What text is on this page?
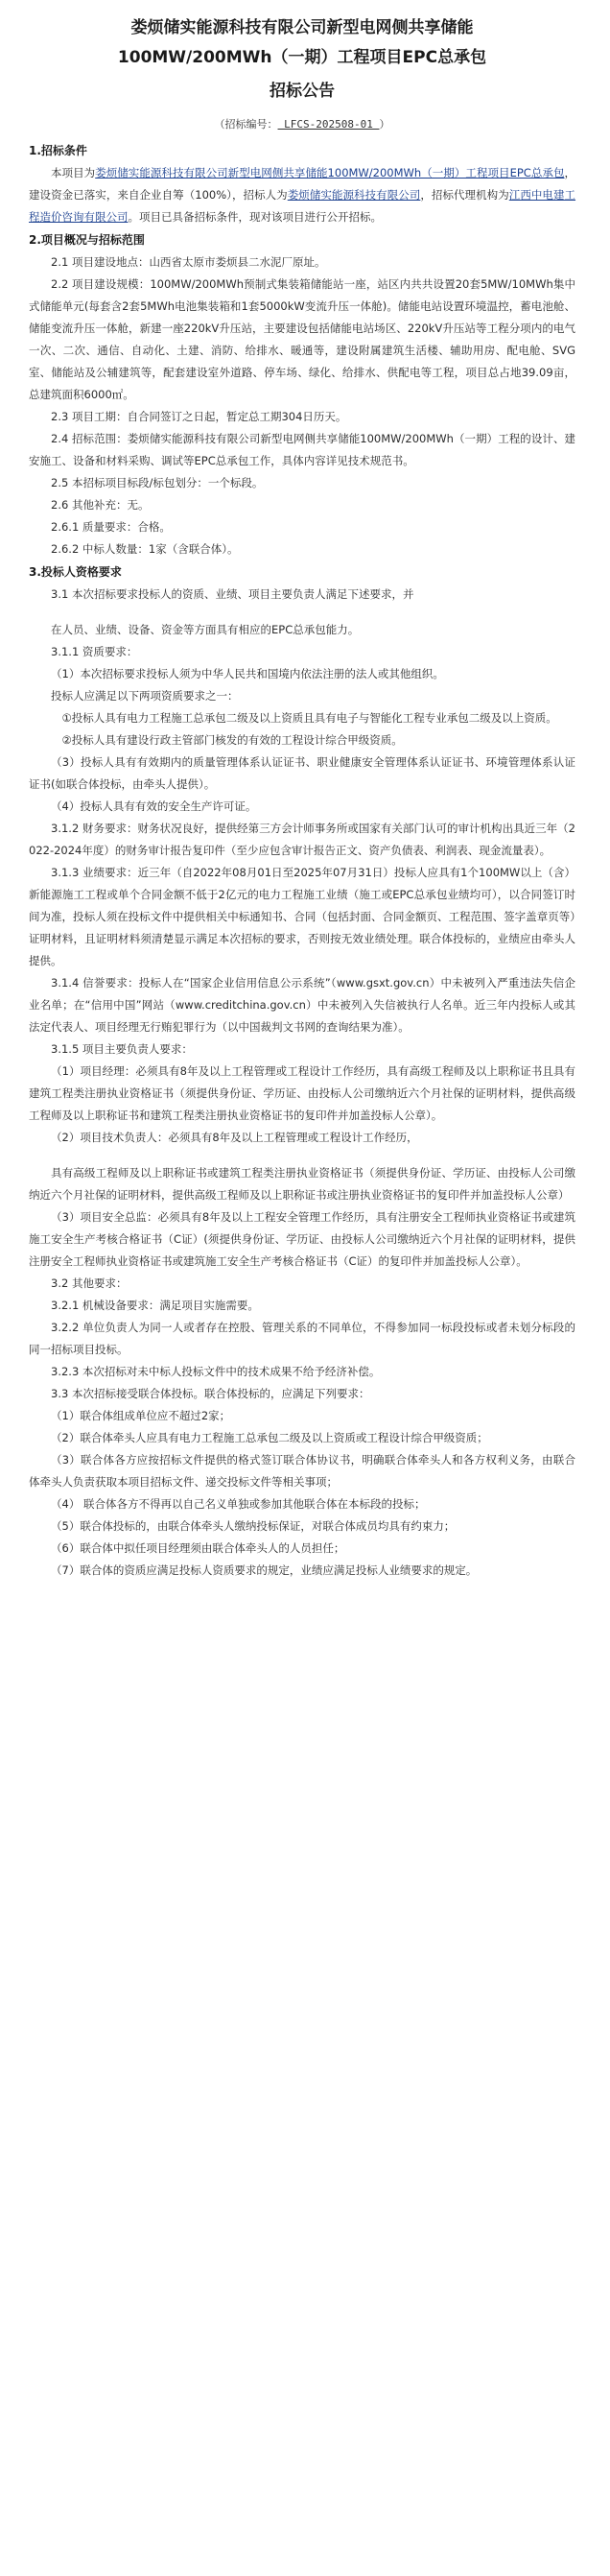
娄烦储实能源科技有限公司新型电网侧共享储能
100MW/200MWh（一期）工程项目EPC总承包
招标公告
（招标编号： LFCS-202508-01 ）
1.招标条件

本项目为娄烦储实能源科技有限公司新型电网侧共享储能100MW/200MWh（一期）工程项目EPC总承包，建设资金已落实，来自企业自筹（100%），招标人为娄烦储实能源科技有限公司，招标代理机构为江西中电建工程造价咨询有限公司。项目已具备招标条件，现对该项目进行公开招标。

2.项目概况与招标范围

2.1 项目建设地点：山西省太原市娄烦县二水泥厂原址。

2.2 项目建设规模：100MW/200MWh预制式集装箱储能站一座，站区内共共设置20套5MW/10MWh集中式储能单元(每套含2套5MWh电池集装箱和1套5000kW变流升压一体舱)。储能电站设置环境温控，蓄电池舱、储能变流升压一体舱，新建一座220kV升压站，主要建设包括储能电站场区、220kV升压站等工程分项内的电气一次、二次、通信、自动化、土建、消防、给排水、暖通等，建设附属建筑生活楼、辅助用房、配电舱、SVG室、储能站及公辅建筑等，配套建设室外道路、停车场、绿化、给排水、供配电等工程，项目总占地39.09亩，总建筑面积6000㎡。

2.3 项目工期：自合同签订之日起，暂定总工期304日历天。

2.4 招标范围：娄烦储实能源科技有限公司新型电网侧共享储能100MW/200MWh（一期）工程的设计、建安施工、设备和材料采购、调试等EPC总承包工作，具体内容详见技术规范书。

2.5 本招标项目标段/标包划分：一个标段。

2.6 其他补充：无。

2.6.1 质量要求：合格。

2.6.2 中标人数量：1家（含联合体）。

3.投标人资格要求

3.1 本次招标要求投标人的资质、业绩、项目主要负责人满足下述要求，并

在人员、业绩、设备、资金等方面具有相应的EPC总承包能力。

3.1.1 资质要求：

（1）本次招标要求投标人须为中华人民共和国境内依法注册的法人或其他组织。

投标人应满足以下两项资质要求之一：

①投标人具有电力工程施工总承包二级及以上资质且具有电子与智能化工程专业承包二级及以上资质。

②投标人具有建设行政主管部门核发的有效的工程设计综合甲级资质。

（3）投标人具有有效期内的质量管理体系认证证书、职业健康安全管理体系认证证书、环境管理体系认证证书(如联合体投标，由牵头人提供）。

（4）投标人具有有效的安全生产许可证。

3.1.2 财务要求：财务状况良好，提供经第三方会计师事务所或国家有关部门认可的审计机构出具近三年（2022-2024年度）的财务审计报告复印件（至少应包含审计报告正文、资产负债表、利润表、现金流量表）。

3.1.3 业绩要求：近三年（自2022年08月01日至2025年07月31日）投标人应具有1个100MW以上（含）新能源施工工程或单个合同金额不低于2亿元的电力工程施工业绩（施工或EPC总承包业绩均可），以合同签订时间为准，投标人须在投标文件中提供相关中标通知书、合同（包括封面、合同金额页、工程范围、签字盖章页等）证明材料，且证明材料须清楚显示满足本次招标的要求，否则按无效业绩处理。联合体投标的，业绩应由牵头人提供。

3.1.4 信誉要求：投标人在“国家企业信用信息公示系统”（www.gsxt.gov.cn）中未被列入严重违法失信企业名单；在“信用中国”网站（www.creditchina.gov.cn）中未被列入失信被执行人名单。近三年内投标人或其法定代表人、项目经理无行贿犯罪行为（以中国裁判文书网的查询结果为准）。

3.1.5 项目主要负责人要求：

（1）项目经理：必须具有8年及以上工程管理或工程设计工作经历，具有高级工程师及以上职称证书且具有建筑工程类注册执业资格证书（须提供身份证、学历证、由投标人公司缴纳近六个月社保的证明材料，提供高级工程师及以上职称证书和建筑工程类注册执业资格证书的复印件并加盖投标人公章）。

（2）项目技术负责人：必须具有8年及以上工程管理或工程设计工作经历，

具有高级工程师及以上职称证书或建筑工程类注册执业资格证书（须提供身份证、学历证、由投标人公司缴纳近六个月社保的证明材料，提供高级工程师及以上职称证书或注册执业资格证书的复印件并加盖投标人公章）

（3）项目安全总监：必须具有8年及以上工程安全管理工作经历，具有注册安全工程师执业资格证书或建筑施工安全生产考核合格证书（C证）(须提供身份证、学历证、由投标人公司缴纳近六个月社保的证明材料，提供注册安全工程师执业资格证书或建筑施工安全生产考核合格证书（C证）的复印件并加盖投标人公章）。

3.2 其他要求：

3.2.1 机械设备要求：满足项目实施需要。

3.2.2 单位负责人为同一人或者存在控股、管理关系的不同单位，不得参加同一标段投标或者未划分标段的同一招标项目投标。

3.2.3 本次招标对未中标人投标文件中的技术成果不给予经济补偿。

3.3 本次招标接受联合体投标。联合体投标的，应满足下列要求：

（1）联合体组成单位应不超过2家；

（2）联合体牵头人应具有电力工程施工总承包二级及以上资质或工程设计综合甲级资质；

（3）联合体各方应按招标文件提供的格式签订联合体协议书，明确联合体牵头人和各方权利义务，由联合体牵头人负责获取本项目招标文件、递交投标文件等相关事项；

（4） 联合体各方不得再以自己名义单独或参加其他联合体在本标段的投标；

（5）联合体投标的，由联合体牵头人缴纳投标保证，对联合体成员均具有约束力；

（6）联合体中拟任项目经理须由联合体牵头人的人员担任；

（7）联合体的资质应满足投标人资质要求的规定，业绩应满足投标人业绩要求的规定。
